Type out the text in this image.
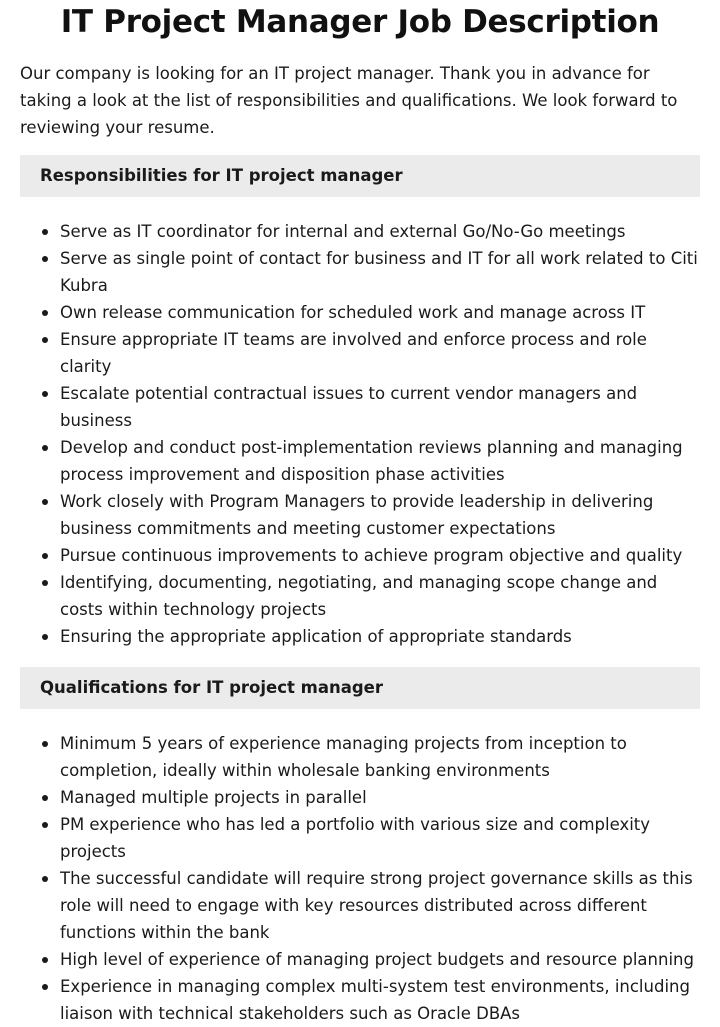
IT Project Manager Job Description

Our company is looking for an IT project manager. Thank you in advance for taking a look at the list of responsibilities and qualifications. We look forward to reviewing your resume.

Responsibilities for IT project manager
Serve as IT coordinator for internal and external Go/No-Go meetings
Serve as single point of contact for business and IT for all work related to Citi Kubra
Own release communication for scheduled work and manage across IT
Ensure appropriate IT teams are involved and enforce process and role clarity
Escalate potential contractual issues to current vendor managers and business
Develop and conduct post-implementation reviews planning and managing process improvement and disposition phase activities
Work closely with Program Managers to provide leadership in delivering business commitments and meeting customer expectations
Pursue continuous improvements to achieve program objective and quality
Identifying, documenting, negotiating, and managing scope change and costs within technology projects
Ensuring the appropriate application of appropriate standards
Qualifications for IT project manager
Minimum 5 years of experience managing projects from inception to completion, ideally within wholesale banking environments
Managed multiple projects in parallel
PM experience who has led a portfolio with various size and complexity projects
The successful candidate will require strong project governance skills as this role will need to engage with key resources distributed across different functions within the bank
High level of experience of managing project budgets and resource planning
Experience in managing complex multi-system test environments, including liaison with technical stakeholders such as Oracle DBAs
